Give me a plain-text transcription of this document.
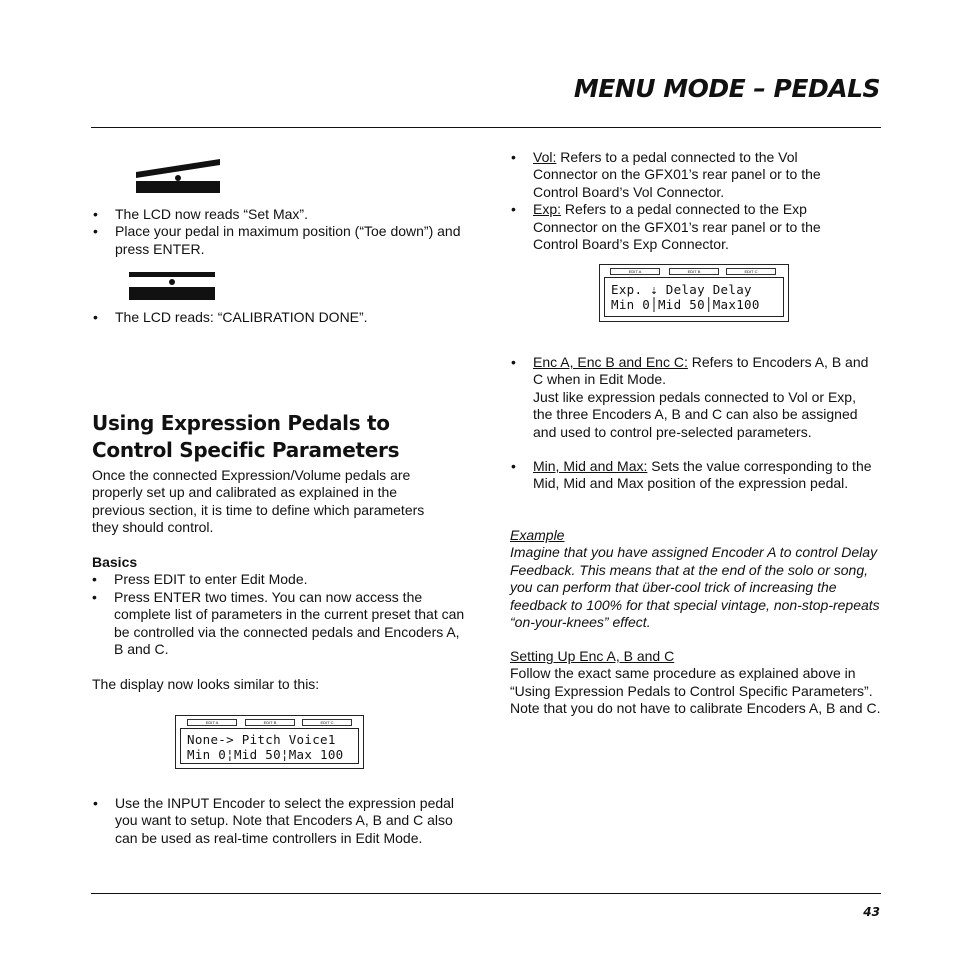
MENU MODE – PEDALS
• The LCD now reads “Set Max”.
• Place your pedal in maximum position (“Toe down”) and press ENTER.
• The LCD reads: “CALIBRATION DONE”.
Using Expression Pedals to
Control Specific Parameters
Once the connected Expression/Volume pedals are properly set up and calibrated as explained in the previous section, it is time to define which parameters they should control.
Basics
• Press EDIT to enter Edit Mode.
• Press ENTER two times. You can now access the complete list of parameters in the current preset that can be controlled via the connected pedals and Encoders A, B and C.
The display now looks similar to this:
EDIT A	EDIT B	EDIT C
None-> Pitch Voice1
Min 0¦Mid 50¦Max 100
• Use the INPUT Encoder to select the expression pedal you want to setup. Note that Encoders A, B and C also can be used as real-time controllers in Edit Mode.
• Vol: Refers to a pedal connected to the Vol Connector on the GFX01’s rear panel or to the Control Board’s Vol Connector.
• Exp: Refers to a pedal connected to the Exp Connector on the GFX01’s rear panel or to the Control Board’s Exp Connector.
EDIT A	EDIT B	EDIT C
Exp. ⇣ Delay Delay
Min 0│Mid 50│Max100
• Enc A, Enc B and Enc C: Refers to Encoders A, B and C when in Edit Mode.
Just like expression pedals connected to Vol or Exp, the three Encoders A, B and C can also be assigned and used to control pre-selected parameters.
• Min, Mid and Max: Sets the value corresponding to the Mid, Mid and Max position of the expression pedal.
Example
Imagine that you have assigned Encoder A to control Delay Feedback. This means that at the end of the solo or song, you can perform that über-cool trick of increasing the feedback to 100% for that special vintage, non-stop-repeats “on-your-knees” effect.
Setting Up Enc A, B and C
Follow the exact same procedure as explained above in “Using Expression Pedals to Control Specific Parameters”. Note that you do not have to calibrate Encoders A, B and C.
43
